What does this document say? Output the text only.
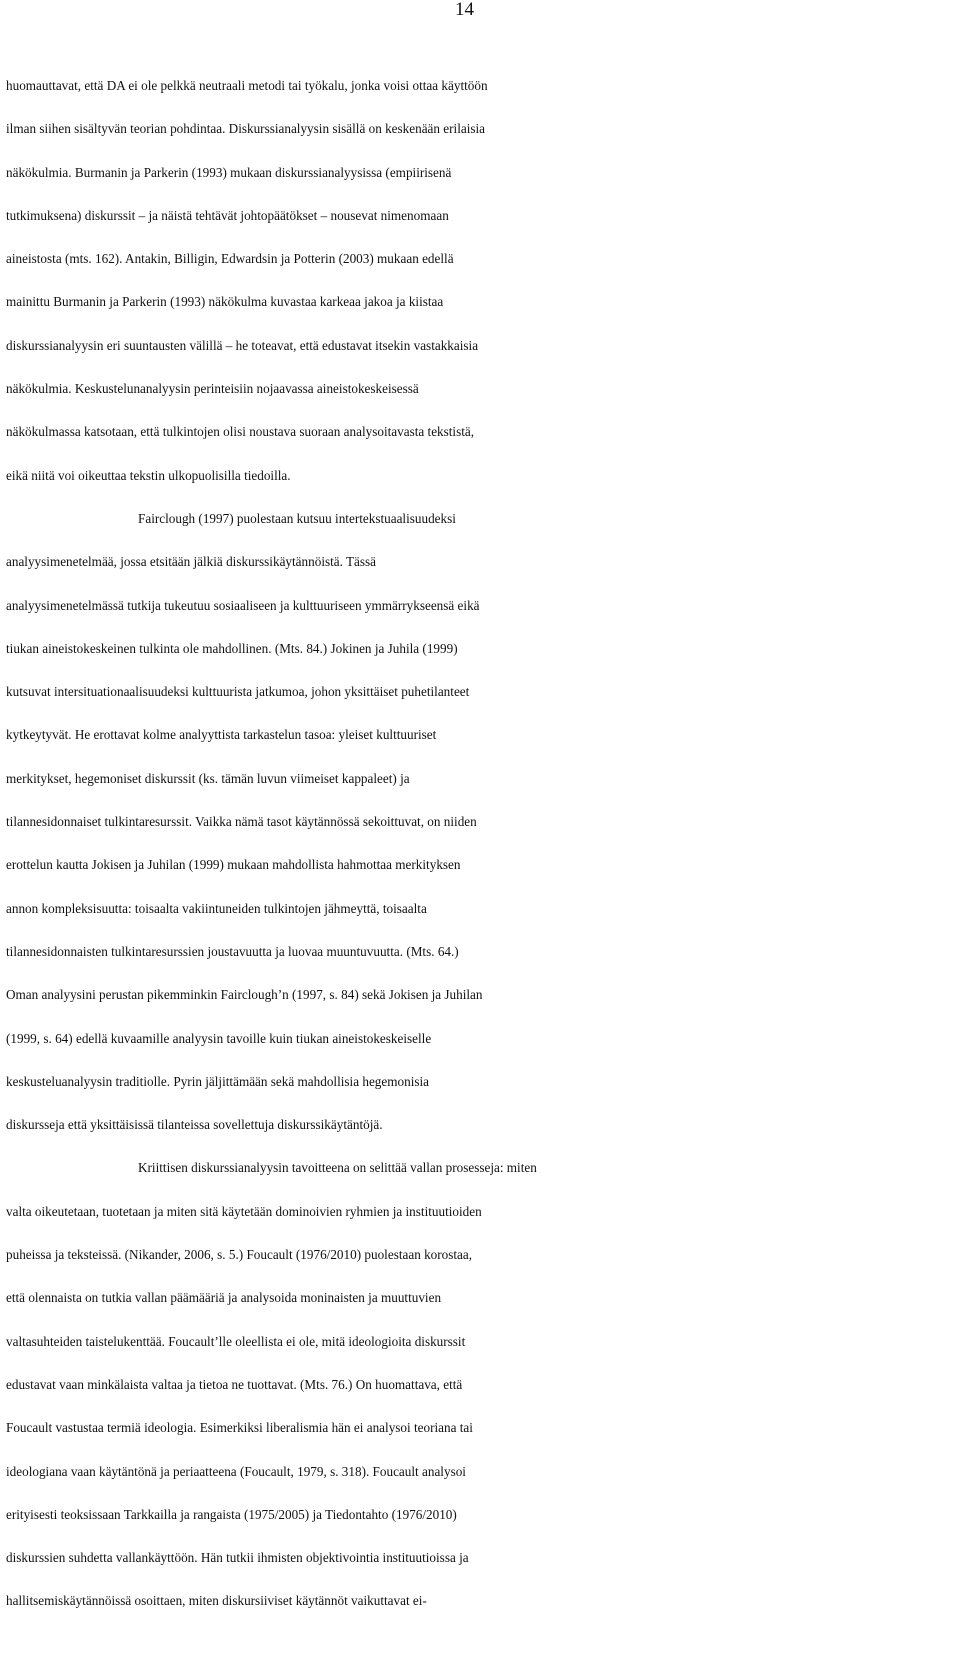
14
huomauttavat, että DA ei ole pelkkä neutraali metodi tai työkalu, jonka voisi ottaa käyttöön
ilman siihen sisältyvän teorian pohdintaa. Diskurssianalyysin sisällä on keskenään erilaisia
näkökulmia. Burmanin ja Parkerin (1993) mukaan diskurssianalyysissa (empiirisenä
tutkimuksena) diskurssit – ja näistä tehtävät johtopäätökset – nousevat nimenomaan
aineistosta (mts. 162). Antakin, Billigin, Edwardsin ja Potterin (2003) mukaan edellä
mainittu Burmanin ja Parkerin (1993) näkökulma kuvastaa karkeaa jakoa ja kiistaa
diskurssianalyysin eri suuntausten välillä – he toteavat, että edustavat itsekin vastakkaisia
näkökulmia. Keskustelunanalyysin perinteisiin nojaavassa aineistokeskeisessä
näkökulmassa katsotaan, että tulkintojen olisi noustava suoraan analysoitavasta tekstistä,
eikä niitä voi oikeuttaa tekstin ulkopuolisilla tiedoilla.
Fairclough (1997) puolestaan kutsuu intertekstuaalisuudeksi
analyysimenetelmää, jossa etsitään jälkiä diskurssikäytännöistä. Tässä
analyysimenetelmässä tutkija tukeutuu sosiaaliseen ja kulttuuriseen ymmärrykseensä eikä
tiukan aineistokeskeinen tulkinta ole mahdollinen. (Mts. 84.) Jokinen ja Juhila (1999)
kutsuvat intersituationaalisuudeksi kulttuurista jatkumoa, johon yksittäiset puhetilanteet
kytkeytyvät. He erottavat kolme analyyttista tarkastelun tasoa: yleiset kulttuuriset
merkitykset, hegemoniset diskurssit (ks. tämän luvun viimeiset kappaleet) ja
tilannesidonnaiset tulkintaresurssit. Vaikka nämä tasot käytännössä sekoittuvat, on niiden
erottelun kautta Jokisen ja Juhilan (1999) mukaan mahdollista hahmottaa merkityksen
annon kompleksisuutta: toisaalta vakiintuneiden tulkintojen jähmeyttä, toisaalta
tilannesidonnaisten tulkintaresurssien joustavuutta ja luovaa muuntuvuutta. (Mts. 64.)
Oman analyysini perustan pikemminkin Fairclough’n (1997, s. 84) sekä Jokisen ja Juhilan
(1999, s. 64) edellä kuvaamille analyysin tavoille kuin tiukan aineistokeskeiselle
keskusteluanalyysin traditiolle. Pyrin jäljittämään sekä mahdollisia hegemonisia
diskursseja että yksittäisissä tilanteissa sovellettuja diskurssikäytäntöjä.
Kriittisen diskurssianalyysin tavoitteena on selittää vallan prosesseja: miten
valta oikeutetaan, tuotetaan ja miten sitä käytetään dominoivien ryhmien ja instituutioiden
puheissa ja teksteissä. (Nikander, 2006, s. 5.) Foucault (1976/2010) puolestaan korostaa,
että olennaista on tutkia vallan päämääriä ja analysoida moninaisten ja muuttuvien
valtasuhteiden taistelukenttää. Foucault’lle oleellista ei ole, mitä ideologioita diskurssit
edustavat vaan minkälaista valtaa ja tietoa ne tuottavat. (Mts. 76.) On huomattava, että
Foucault vastustaa termiä ideologia. Esimerkiksi liberalismia hän ei analysoi teoriana tai
ideologiana vaan käytäntönä ja periaatteena (Foucault, 1979, s. 318). Foucault analysoi
erityisesti teoksissaan Tarkkailla ja rangaista (1975/2005) ja Tiedontahto (1976/2010)
diskurssien suhdetta vallankäyttöön. Hän tutkii ihmisten objektivointia instituutioissa ja
hallitsemiskäytännöissä osoittaen, miten diskursiiviset käytännöt vaikuttavat ei-
